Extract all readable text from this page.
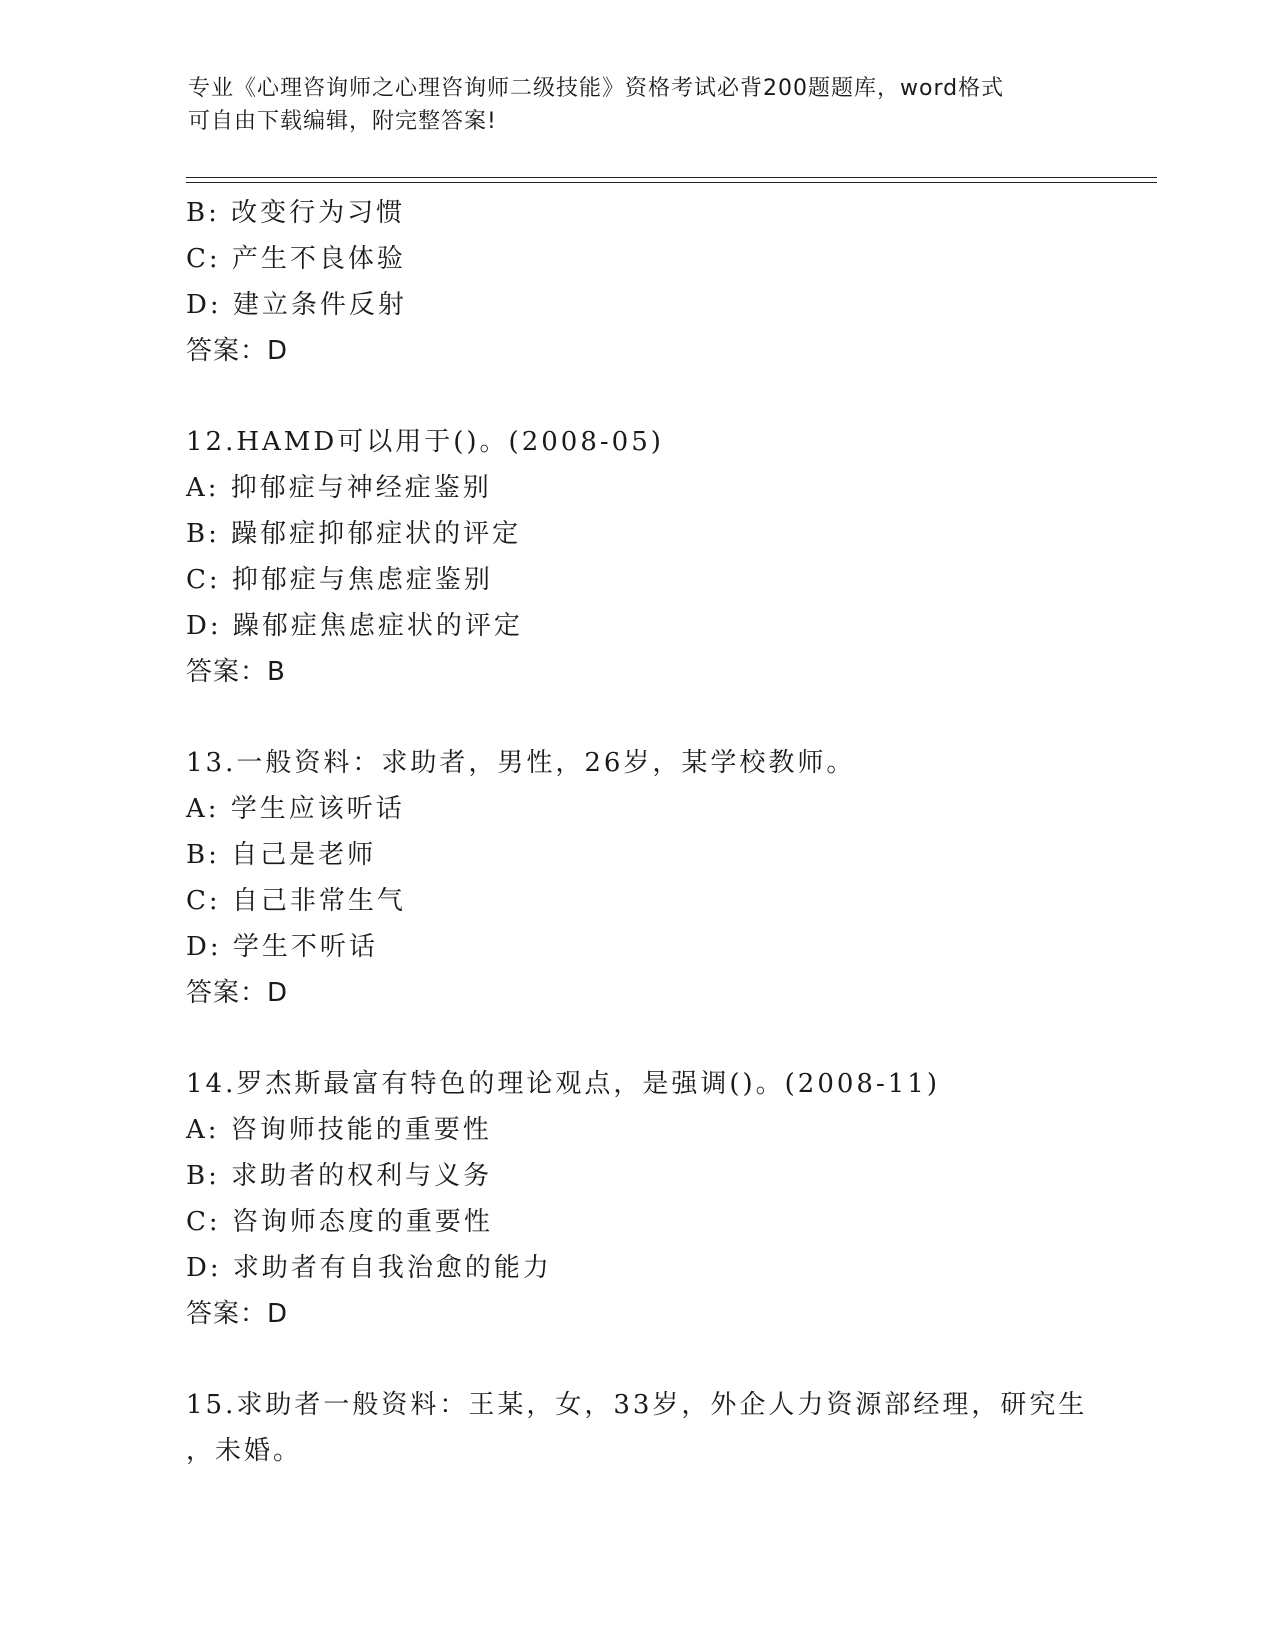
专业《心理咨询师之心理咨询师二级技能》资格考试必背200题题库，word格式
可自由下载编辑，附完整答案!
B: 改变行为习惯
C: 产生不良体验
D: 建立条件反射
答案：D
12.HAMD可以用于()。(2008-05)
A: 抑郁症与神经症鉴别
B: 躁郁症抑郁症状的评定
C: 抑郁症与焦虑症鉴别
D: 躁郁症焦虑症状的评定
答案：B
13.一般资料：求助者，男性，26岁，某学校教师。
A: 学生应该听话
B: 自己是老师
C: 自己非常生气
D: 学生不听话
答案：D
14.罗杰斯最富有特色的理论观点，是强调()。(2008-11)
A: 咨询师技能的重要性
B: 求助者的权利与义务
C: 咨询师态度的重要性
D: 求助者有自我治愈的能力
答案：D
15.求助者一般资料：王某，女，33岁，外企人力资源部经理，研究生
，未婚。
